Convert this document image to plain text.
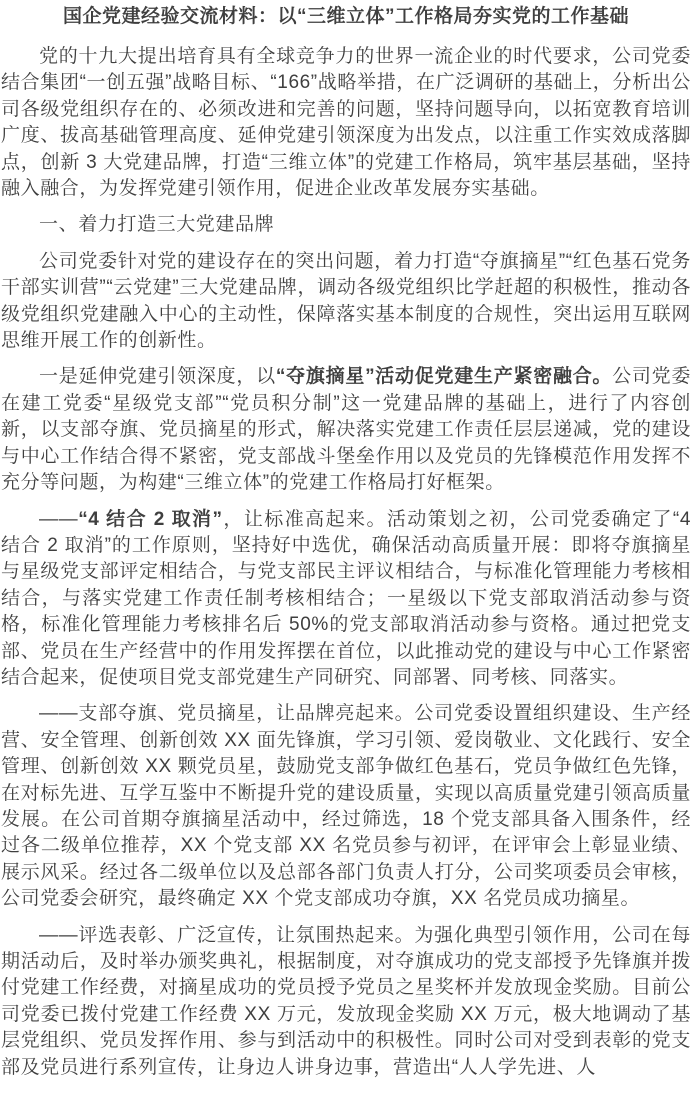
国企党建经验交流材料：以“三维立体”工作格局夯实党的工作基础

党的十九大提出培育具有全球竞争力的世界一流企业的时代要求，公司党委结合集团“一创五强”战略目标、“166”战略举措，在广泛调研的基础上，分析出公司各级党组织存在的、必须改进和完善的问题，坚持问题导向，以拓宽教育培训广度、拔高基础管理高度、延伸党建引领深度为出发点，以注重工作实效成落脚点，创新 3 大党建品牌，打造“三维立体”的党建工作格局，筑牢基层基础，坚持融入融合，为发挥党建引领作用，促进企业改革发展夯实基础。

一、着力打造三大党建品牌

公司党委针对党的建设存在的突出问题，着力打造“夺旗摘星”“红色基石党务干部实训营”“云党建”三大党建品牌，调动各级党组织比学赶超的积极性，推动各级党组织党建融入中心的主动性，保障落实基本制度的合规性，突出运用互联网思维开展工作的创新性。

一是延伸党建引领深度，以“夺旗摘星”活动促党建生产紧密融合。公司党委在建工党委“星级党支部”“党员积分制”这一党建品牌的基础上，进行了内容创新，以支部夺旗、党员摘星的形式，解决落实党建工作责任层层递减，党的建设与中心工作结合得不紧密，党支部战斗堡垒作用以及党员的先锋模范作用发挥不充分等问题，为构建“三维立体”的党建工作格局打好框架。

——“4 结合 2 取消”，让标准高起来。活动策划之初，公司党委确定了“4 结合 2 取消”的工作原则，坚持好中选优，确保活动高质量开展：即将夺旗摘星与星级党支部评定相结合，与党支部民主评议相结合，与标准化管理能力考核相结合，与落实党建工作责任制考核相结合；一星级以下党支部取消活动参与资格，标准化管理能力考核排名后 50%的党支部取消活动参与资格。通过把党支部、党员在生产经营中的作用发挥摆在首位，以此推动党的建设与中心工作紧密结合起来，促使项目党支部党建生产同研究、同部署、同考核、同落实。

——支部夺旗、党员摘星，让品牌亮起来。公司党委设置组织建设、生产经营、安全管理、创新创效 XX 面先锋旗，学习引领、爱岗敬业、文化践行、安全管理、创新创效 XX 颗党员星，鼓励党支部争做红色基石，党员争做红色先锋，在对标先进、互学互鉴中不断提升党的建设质量，实现以高质量党建引领高质量发展。在公司首期夺旗摘星活动中，经过筛选，18 个党支部具备入围条件，经过各二级单位推荐，XX 个党支部 XX 名党员参与初评，在评审会上彰显业绩、展示风采。经过各二级单位以及总部各部门负责人打分，公司奖项委员会审核，公司党委会研究，最终确定 XX 个党支部成功夺旗，XX 名党员成功摘星。

——评选表彰、广泛宣传，让氛围热起来。为强化典型引领作用，公司在每期活动后，及时举办颁奖典礼，根据制度，对夺旗成功的党支部授予先锋旗并拨付党建工作经费，对摘星成功的党员授予党员之星奖杯并发放现金奖励。目前公司党委已拨付党建工作经费 XX 万元，发放现金奖励 XX 万元，极大地调动了基层党组织、党员发挥作用、参与到活动中的积极性。同时公司对受到表彰的党支部及党员进行系列宣传，让身边人讲身边事，营造出“人人学先进、人
